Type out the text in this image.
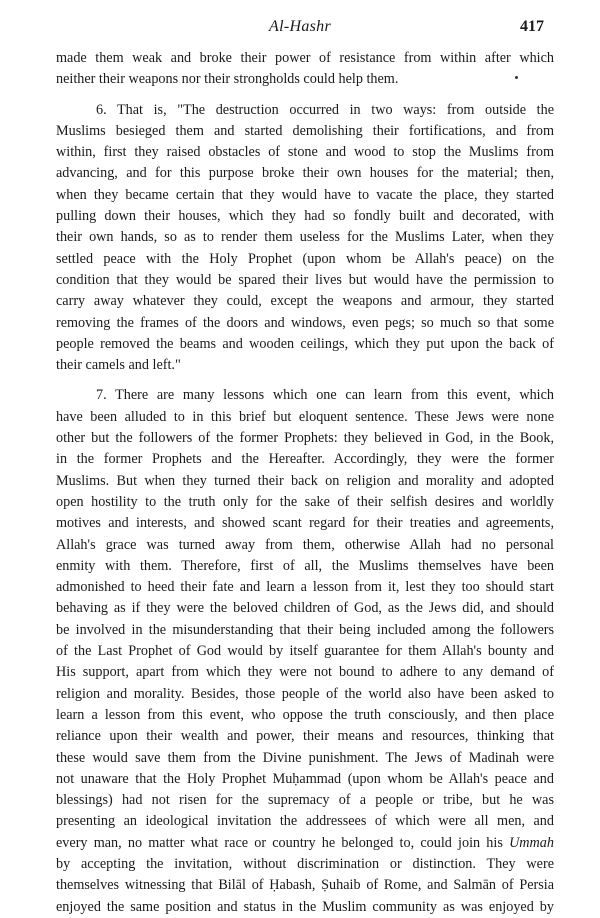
Al-Hashr	417
made them weak and broke their power of resistance from within after which
neither their weapons nor their strongholds could help them.
6. That is, "The destruction occurred in two ways: from outside the
Muslims besieged them and started demolishing their fortifications, and from
within, first they raised obstacles of stone and wood to stop the Muslims from
advancing, and for this purpose broke their own houses for the material; then,
when they became certain that they would have to vacate the place, they started
pulling down their houses, which they had so fondly built and decorated, with
their own hands, so as to render them useless for the Muslims Later, when they
settled peace with the Holy Prophet (upon whom be Allah's peace) on the
condition that they would be spared their lives but would have the permission to
carry away whatever they could, except the weapons and armour, they started
removing the frames of the doors and windows, even pegs; so much so that some
people removed the beams and wooden ceilings, which they put upon the back of
their camels and left."
7. There are many lessons which one can learn from this event, which
have been alluded to in this brief but eloquent sentence. These Jews were none
other but the followers of the former Prophets: they believed in God, in the Book,
in the former Prophets and the Hereafter. Accordingly, they were the former
Muslims. But when they turned their back on religion and morality and adopted
open hostility to the truth only for the sake of their selfish desires and worldly
motives and interests, and showed scant regard for their treaties and agreements,
Allah's grace was turned away from them, otherwise Allah had no personal
enmity with them. Therefore, first of all, the Muslims themselves have been
admonished to heed their fate and learn a lesson from it, lest they too should start
behaving as if they were the beloved children of God, as the Jews did, and should
be involved in the misunderstanding that their being included among the followers
of the Last Prophet of God would by itself guarantee for them Allah's bounty and
His support, apart from which they were not bound to adhere to any demand of
religion and morality. Besides, those people of the world also have been asked to
learn a lesson from this event, who oppose the truth consciously, and then place
reliance upon their wealth and power, their means and resources, thinking that
these would save them from the Divine punishment. The Jews of Madinah were
not unaware that the Holy Prophet Muḥammad (upon whom be Allah's peace and
blessings) had not risen for the supremacy of a people or tribe, but he was
presenting an ideological invitation the addressees of which were all men, and
every man, no matter what race or country he belonged to, could join his Ummah
by accepting the invitation, without discrimination or distinction. They were
themselves witnessing that Bilāl of Ḥabash, Ṣuhaib of Rome, and Salmān of Persia
enjoyed the same position and status in the Muslim community as was enjoyed by
